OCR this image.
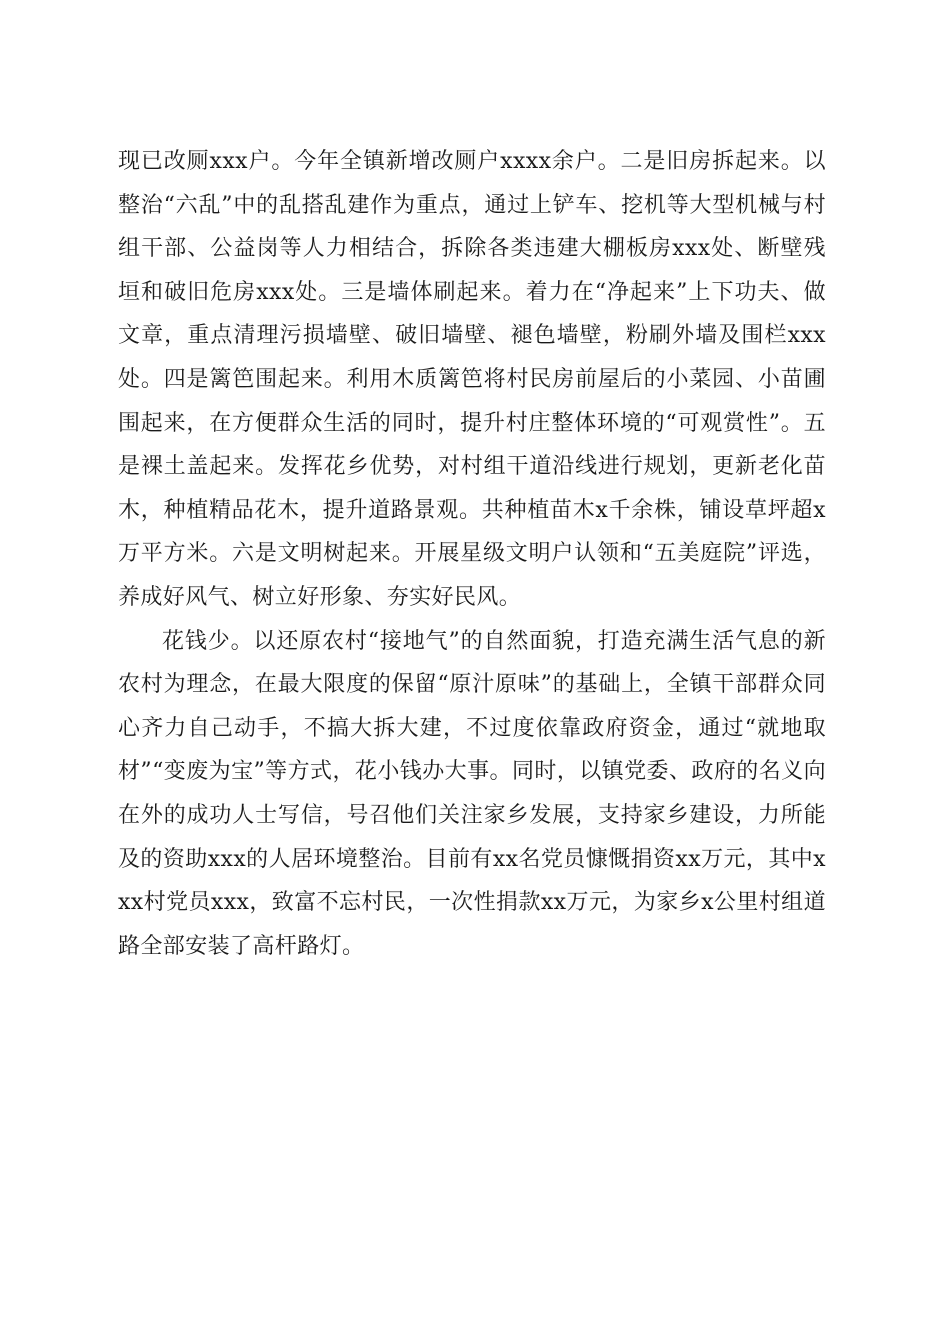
现已改厕xxx户。今年全镇新增改厕户xxxx余户。二是旧房拆起来。以整治“六乱”中的乱搭乱建作为重点，通过上铲车、挖机等大型机械与村组干部、公益岗等人力相结合，拆除各类违建大棚板房xxx处、断壁残垣和破旧危房xxx处。三是墙体刷起来。着力在“净起来”上下功夫、做文章，重点清理污损墙壁、破旧墙壁、褪色墙壁，粉刷外墙及围栏xxx处。四是篱笆围起来。利用木质篱笆将村民房前屋后的小菜园、小苗圃围起来，在方便群众生活的同时，提升村庄整体环境的“可观赏性”。五是裸土盖起来。发挥花乡优势，对村组干道沿线进行规划，更新老化苗木，种植精品花木，提升道路景观。共种植苗木x千余株，铺设草坪超x万平方米。六是文明树起来。开展星级文明户认领和“五美庭院”评选，养成好风气、树立好形象、夯实好民风。

花钱少。以还原农村“接地气”的自然面貌，打造充满生活气息的新农村为理念，在最大限度的保留“原汁原味”的基础上，全镇干部群众同心齐力自己动手，不搞大拆大建，不过度依靠政府资金，通过“就地取材”“变废为宝”等方式，花小钱办大事。同时，以镇党委、政府的名义向在外的成功人士写信，号召他们关注家乡发展，支持家乡建设，力所能及的资助xxx的人居环境整治。目前有xx名党员慷慨捐资xx万元，其中xxx村党员xxx，致富不忘村民，一次性捐款xx万元，为家乡x公里村组道路全部安装了高杆路灯。
